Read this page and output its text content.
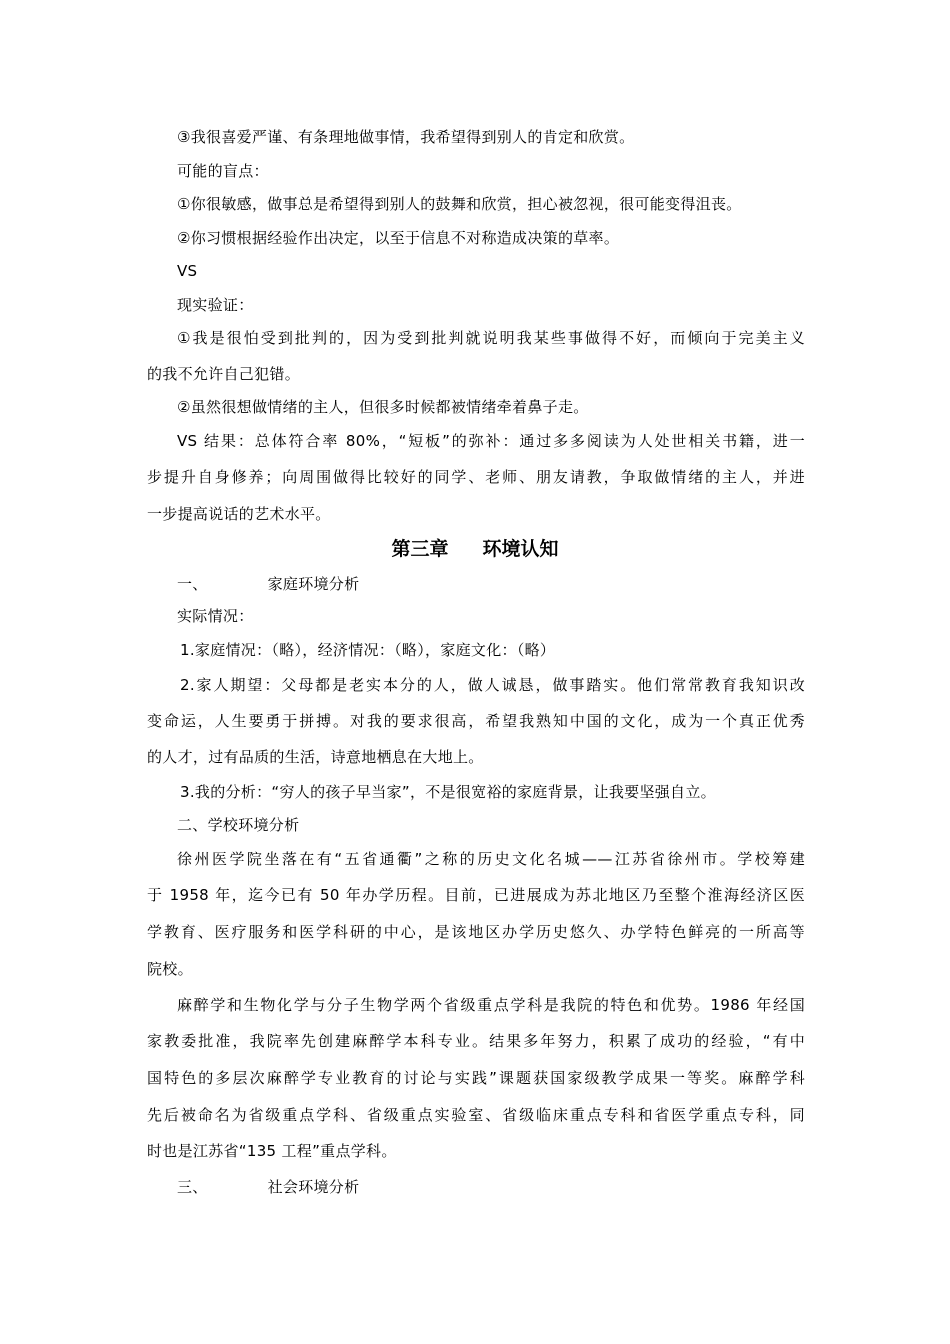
③我很喜爱严谨、有条理地做事情，我希望得到别人的肯定和欣赏。
可能的盲点：
①你很敏感，做事总是希望得到别人的鼓舞和欣赏，担心被忽视，很可能变得沮丧。
②你习惯根据经验作出决定，以至于信息不对称造成决策的草率。
VS
现实验证：
①我是很怕受到批判的，因为受到批判就说明我某些事做得不好，而倾向于完美主义
的我不允许自己犯错。
②虽然很想做情绪的主人，但很多时候都被情绪牵着鼻子走。
VS 结果：总体符合率 80%，“短板”的弥补：通过多多阅读为人处世相关书籍，进一
步提升自身修养；向周围做得比较好的同学、老师、朋友请教，争取做情绪的主人，并进
一步提高说话的艺术水平。
第三章 环境认知
一、	家庭环境分析
实际情况：
1.家庭情况：（略），经济情况：（略），家庭文化：（略）
2.家人期望：父母都是老实本分的人，做人诚恳，做事踏实。他们常常教育我知识改
变命运，人生要勇于拼搏。对我的要求很高，希望我熟知中国的文化，成为一个真正优秀
的人才，过有品质的生活，诗意地栖息在大地上。
3.我的分析：“穷人的孩子早当家”，不是很宽裕的家庭背景，让我要坚强自立。
二、学校环境分析
徐州医学院坐落在有“五省通衢”之称的历史文化名城——江苏省徐州市。学校筹建
于 1958 年，迄今已有 50 年办学历程。目前，已进展成为苏北地区乃至整个淮海经济区医
学教育、医疗服务和医学科研的中心，是该地区办学历史悠久、办学特色鲜亮的一所高等
院校。
麻醉学和生物化学与分子生物学两个省级重点学科是我院的特色和优势。1986 年经国
家教委批准，我院率先创建麻醉学本科专业。结果多年努力，积累了成功的经验，“有中
国特色的多层次麻醉学专业教育的讨论与实践”课题获国家级教学成果一等奖。麻醉学科
先后被命名为省级重点学科、省级重点实验室、省级临床重点专科和省医学重点专科，同
时也是江苏省“135 工程”重点学科。
三、	社会环境分析
